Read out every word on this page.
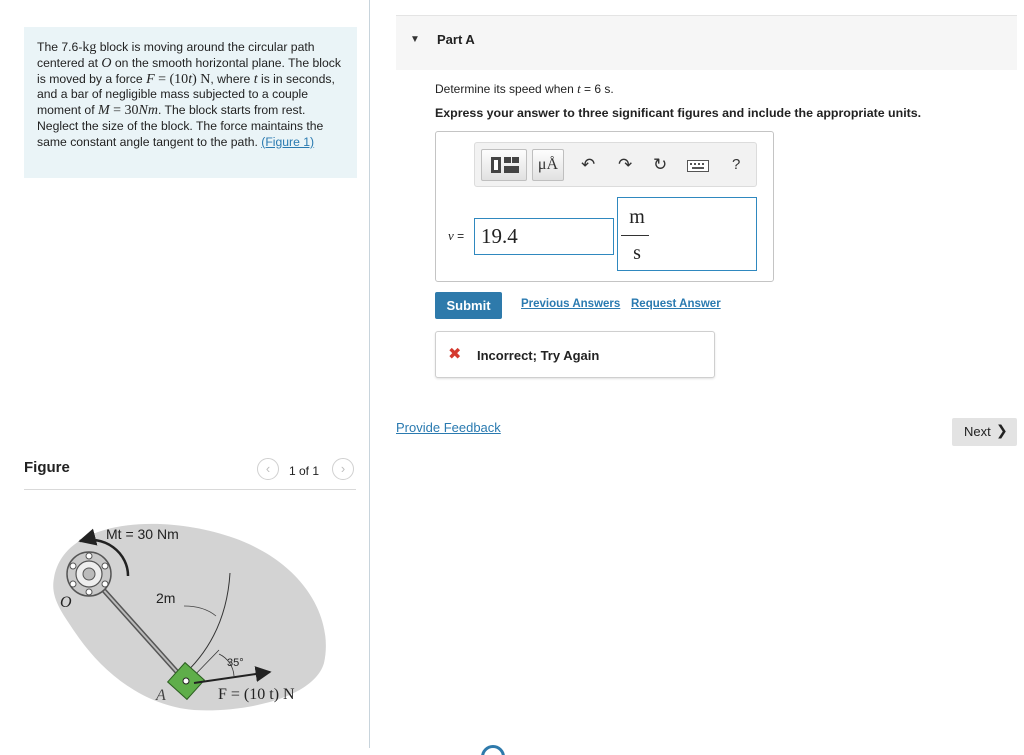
The 7.6-kg block is moving around the circular path centered at O on the smooth horizontal plane. The block is moved by a force F = (10t) N, where t is in seconds, and a bar of negligible mass subjected to a couple moment of M = 30Nm. The block starts from rest. Neglect the size of the block. The force maintains the same constant angle tangent to the path. (Figure 1)
Figure	‹	1 of 1	›
Mt = 30 Nm
2m
35°
F = (10 t) N
O
A
▼ Part A
Determine its speed when t = 6 s.
Express your answer to three significant figures and include the appropriate units.
μÅ	↶ ↷ ↻	?
v = 19.4
m
s
Submit	Previous Answers Request Answer
✖ Incorrect; Try Again
Provide Feedback	Next ❯
